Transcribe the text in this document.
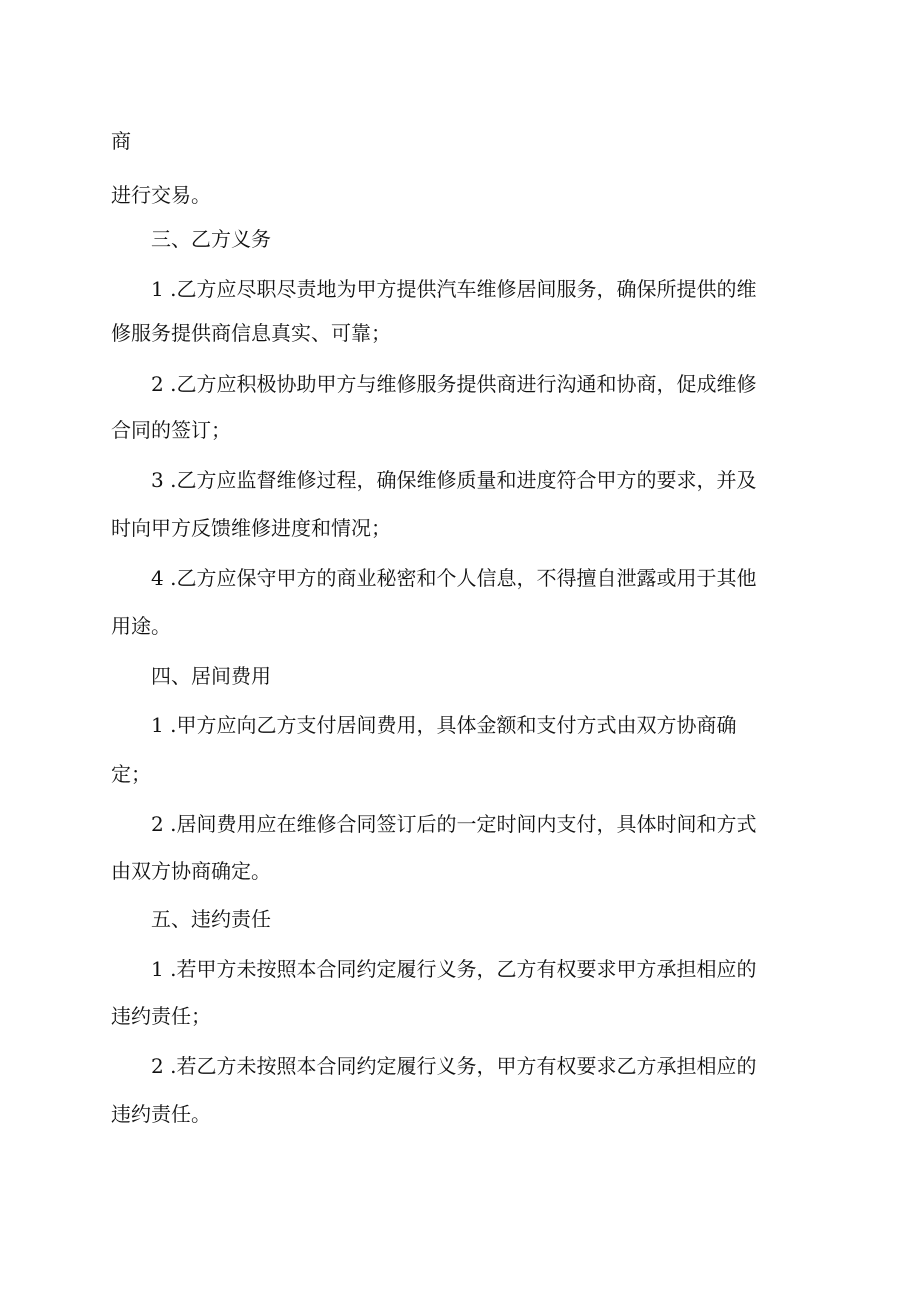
商
进行交易。
三、乙方义务
1 .乙方应尽职尽责地为甲方提供汽车维修居间服务，确保所提供的维
修服务提供商信息真实、可靠；
2 .乙方应积极协助甲方与维修服务提供商进行沟通和协商，促成维修
合同的签订；
3 .乙方应监督维修过程，确保维修质量和进度符合甲方的要求，并及
时向甲方反馈维修进度和情况；
4 .乙方应保守甲方的商业秘密和个人信息，不得擅自泄露或用于其他
用途。
四、居间费用
1 .甲方应向乙方支付居间费用，具体金额和支付方式由双方协商确
定；
2 .居间费用应在维修合同签订后的一定时间内支付，具体时间和方式
由双方协商确定。
五、违约责任
1 .若甲方未按照本合同约定履行义务，乙方有权要求甲方承担相应的
违约责任；
2 .若乙方未按照本合同约定履行义务，甲方有权要求乙方承担相应的
违约责任。
